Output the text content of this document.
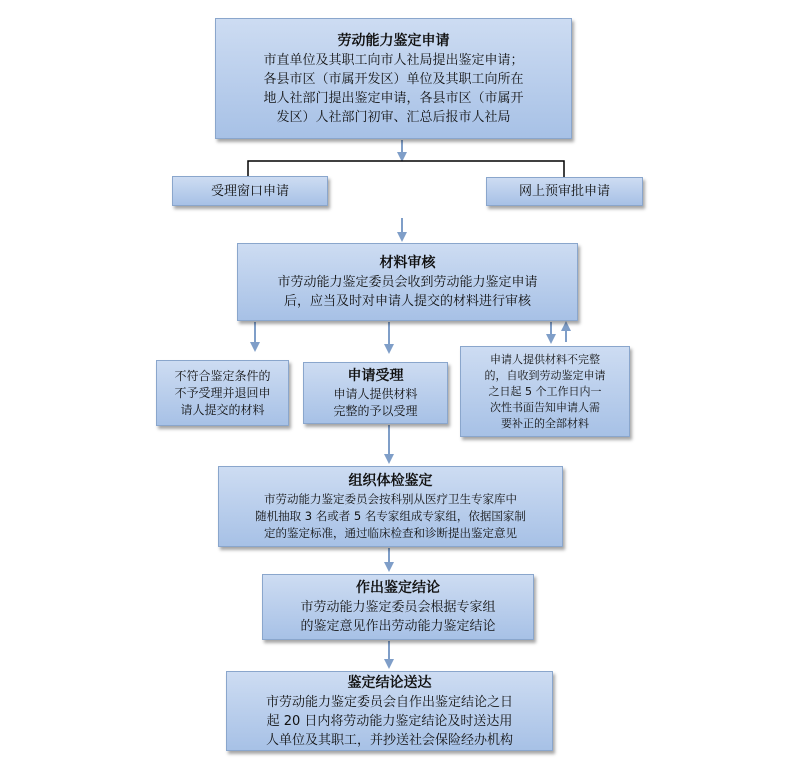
劳动能力鉴定申请
市直单位及其职工向市人社局提出鉴定申请；
各县市区（市属开发区）单位及其职工向所在
地人社部门提出鉴定申请，各县市区（市属开
发区）人社部门初审、汇总后报市人社局
受理窗口申请	网上预审批申请
材料审核
市劳动能力鉴定委员会收到劳动能力鉴定申请
后，应当及时对申请人提交的材料进行审核
不符合鉴定条件的
不予受理并退回申
请人提交的材料
申请受理
申请人提供材料
完整的予以受理
申请人提供材料不完整
的，自收到劳动鉴定申请
之日起 5 个工作日内一
次性书面告知申请人需
要补正的全部材料
组织体检鉴定
市劳动能力鉴定委员会按科别从医疗卫生专家库中
随机抽取 3 名或者 5 名专家组成专家组，依据国家制
定的鉴定标准，通过临床检查和诊断提出鉴定意见
作出鉴定结论
市劳动能力鉴定委员会根据专家组
的鉴定意见作出劳动能力鉴定结论
鉴定结论送达
市劳动能力鉴定委员会自作出鉴定结论之日
起 20 日内将劳动能力鉴定结论及时送达用
人单位及其职工，并抄送社会保险经办机构
